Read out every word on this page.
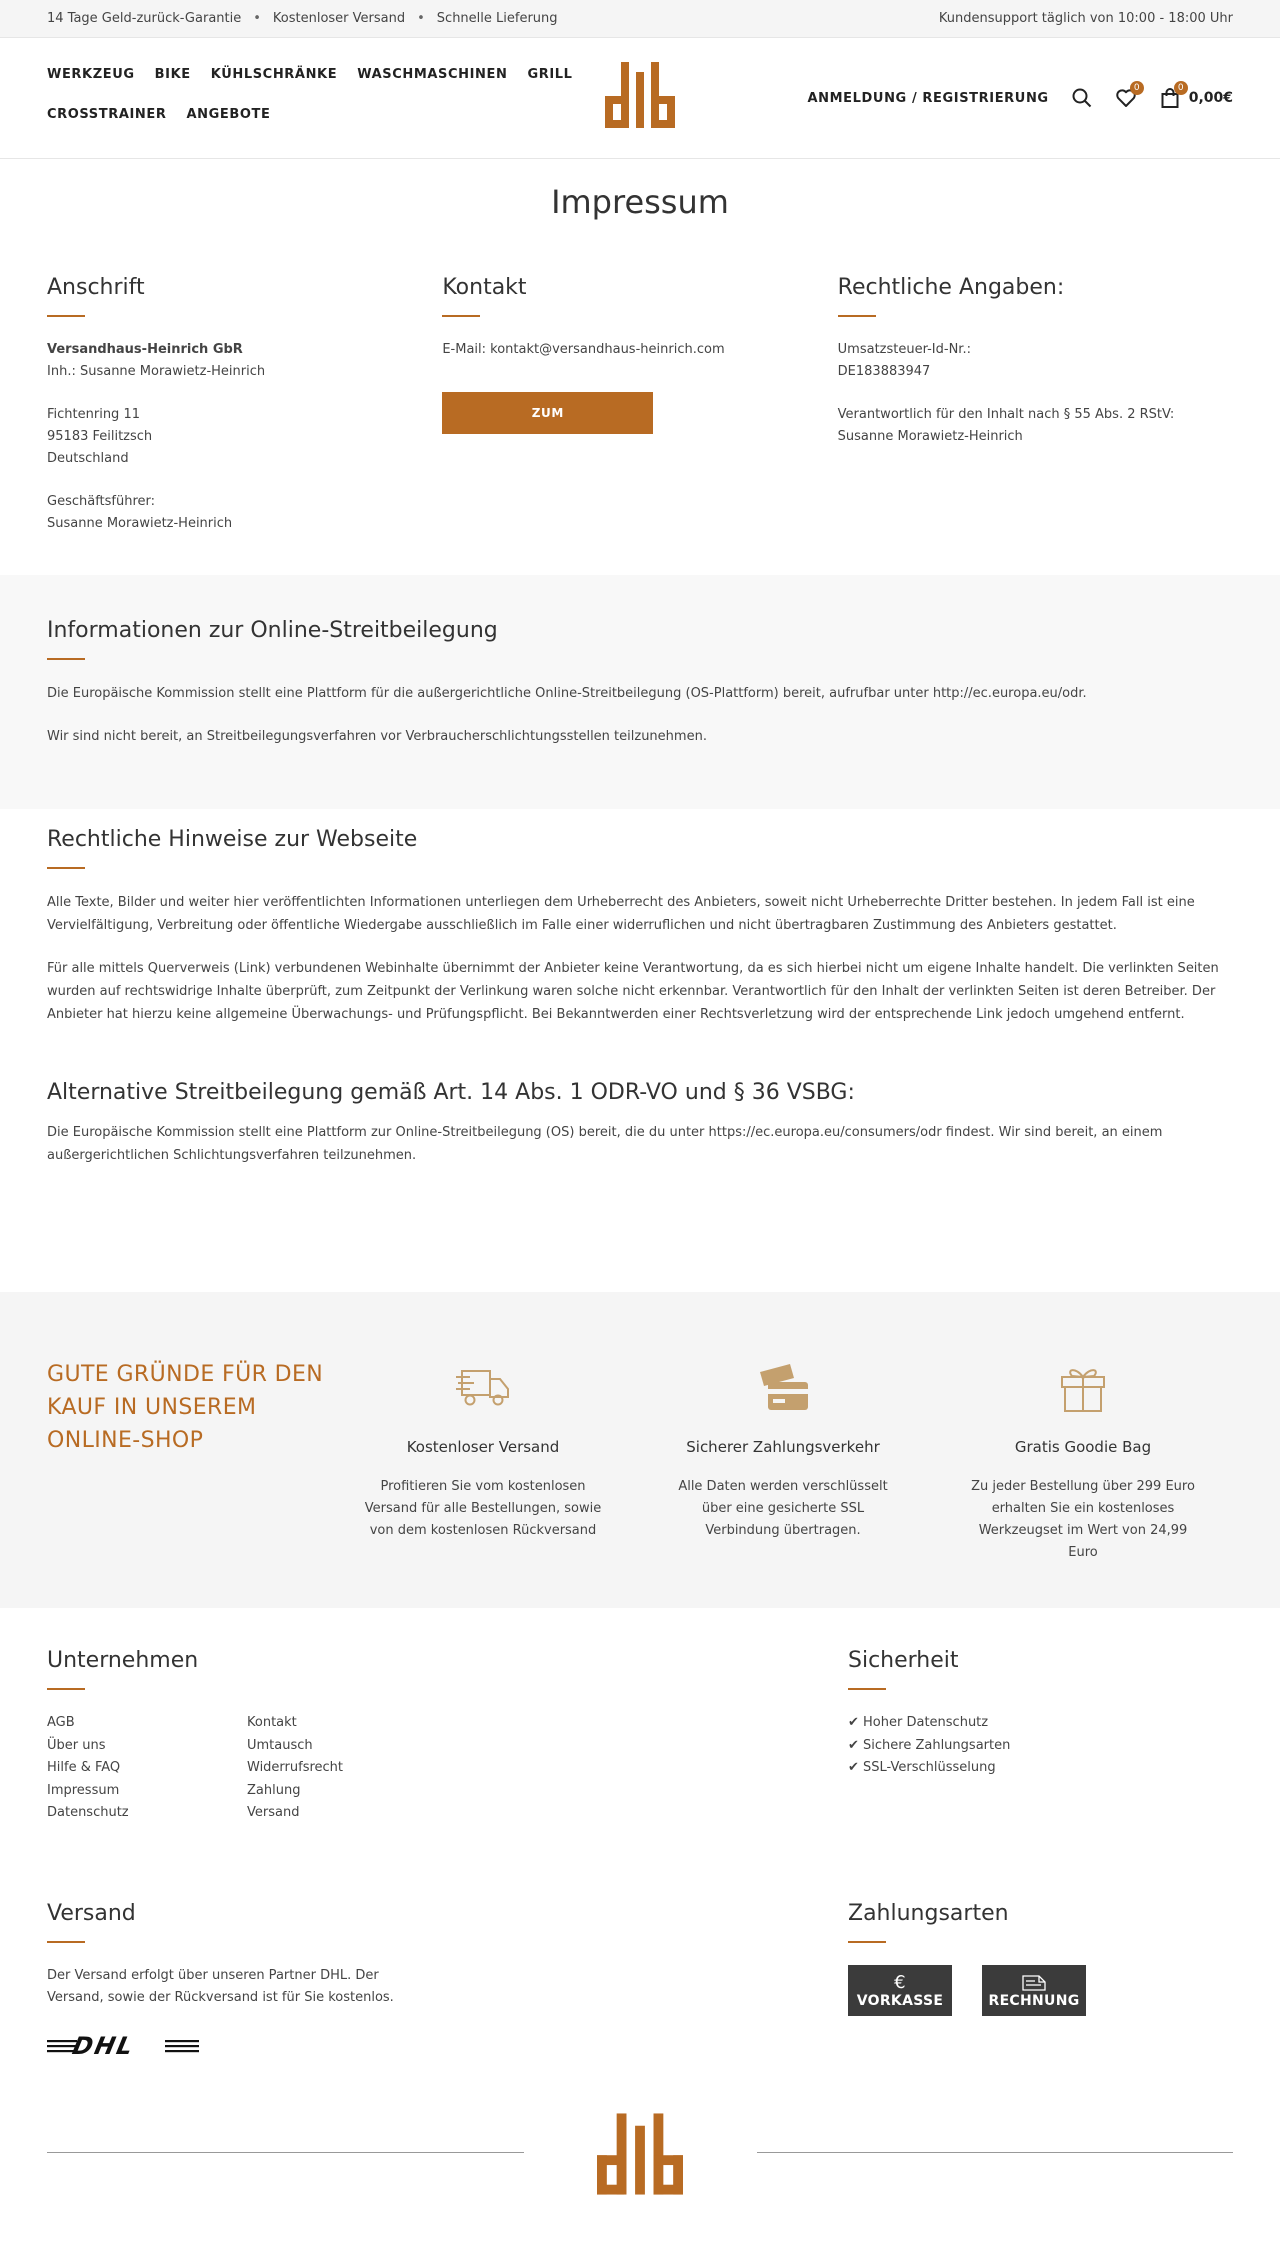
14 Tage Geld-zurück-Garantie • Kostenloser Versand • Schnelle Lieferung	Kundensupport täglich von 10:00 - 18:00 Uhr
WERKZEUG BIKE KÜHLSCHRÄNKE WASCHMASCHINEN GRILL
CROSSTRAINER ANGEBOTE
ANMELDUNG / REGISTRIERUNG
0	0
0,00€
Impressum
Anschrift

Versandhaus-Heinrich GbR
Inh.: Susanne Morawietz-Heinrich

Fichtenring 11
95183 Feilitzsch
Deutschland

Geschäftsführer:
Susanne Morawietz-Heinrich

Kontakt

E-Mail: kontakt@versandhaus-heinrich.com

ZUM KONTAKTFORMULAR
Rechtliche Angaben:

Umsatzsteuer-Id-Nr.:
DE183883947

Verantwortlich für den Inhalt nach § 55 Abs. 2 RStV:
Susanne Morawietz-Heinrich

Informationen zur Online-Streitbeilegung

Die Europäische Kommission stellt eine Plattform für die außergerichtliche Online-Streitbeilegung (OS-Plattform) bereit, aufrufbar unter http://ec.europa.eu/odr.

Wir sind nicht bereit, an Streitbeilegungsverfahren vor Verbraucherschlichtungsstellen teilzunehmen.

Rechtliche Hinweise zur Webseite

Alle Texte, Bilder und weiter hier veröffentlichten Informationen unterliegen dem Urheberrecht des Anbieters, soweit nicht Urheberrechte Dritter bestehen. In jedem Fall ist eine Vervielfältigung, Verbreitung oder öffentliche Wiedergabe ausschließlich im Falle einer widerruflichen und nicht übertragbaren Zustimmung des Anbieters gestattet.

Für alle mittels Querverweis (Link) verbundenen Webinhalte übernimmt der Anbieter keine Verantwortung, da es sich hierbei nicht um eigene Inhalte handelt. Die verlinkten Seiten wurden auf rechtswidrige Inhalte überprüft, zum Zeitpunkt der Verlinkung waren solche nicht erkennbar. Verantwortlich für den Inhalt der verlinkten Seiten ist deren Betreiber. Der Anbieter hat hierzu keine allgemeine Überwachungs- und Prüfungspflicht. Bei Bekanntwerden einer Rechtsverletzung wird der entsprechende Link jedoch umgehend entfernt.

Alternative Streitbeilegung gemäß Art. 14 Abs. 1 ODR-VO und § 36 VSBG:

Die Europäische Kommission stellt eine Plattform zur Online-Streitbeilegung (OS) bereit, die du unter https://ec.europa.eu/consumers/odr findest. Wir sind bereit, an einem außergerichtlichen Schlichtungsverfahren teilzunehmen.

GUTE GRÜNDE FÜR DEN KAUF IN UNSEREM ONLINE-SHOP	Kostenloser Versand

Profitieren Sie vom kostenlosen Versand für alle Bestellungen, sowie von dem kostenlosen Rückversand

Sicherer Zahlungsverkehr

Alle Daten werden verschlüsselt über eine gesicherte SSL Verbindung übertragen.

Gratis Goodie Bag

Zu jeder Bestellung über 299 Euro erhalten Sie ein kostenloses Werkzeugset im Wert von 24,99 Euro

Unternehmen
AGB
Über uns
Hilfe & FAQ
Impressum
Datenschutz
Kontakt
Umtausch
Widerrufsrecht
Zahlung
Versand
Sicherheit
✔ Hoher Datenschutz
✔ Sichere Zahlungsarten
✔ SSL-Verschlüsselung
Versand

Der Versand erfolgt über unseren Partner DHL. Der Versand, sowie der Rückversand ist für Sie kostenlos.

DHL
Zahlungsarten
€
VORKASSE	RECHNUNG
